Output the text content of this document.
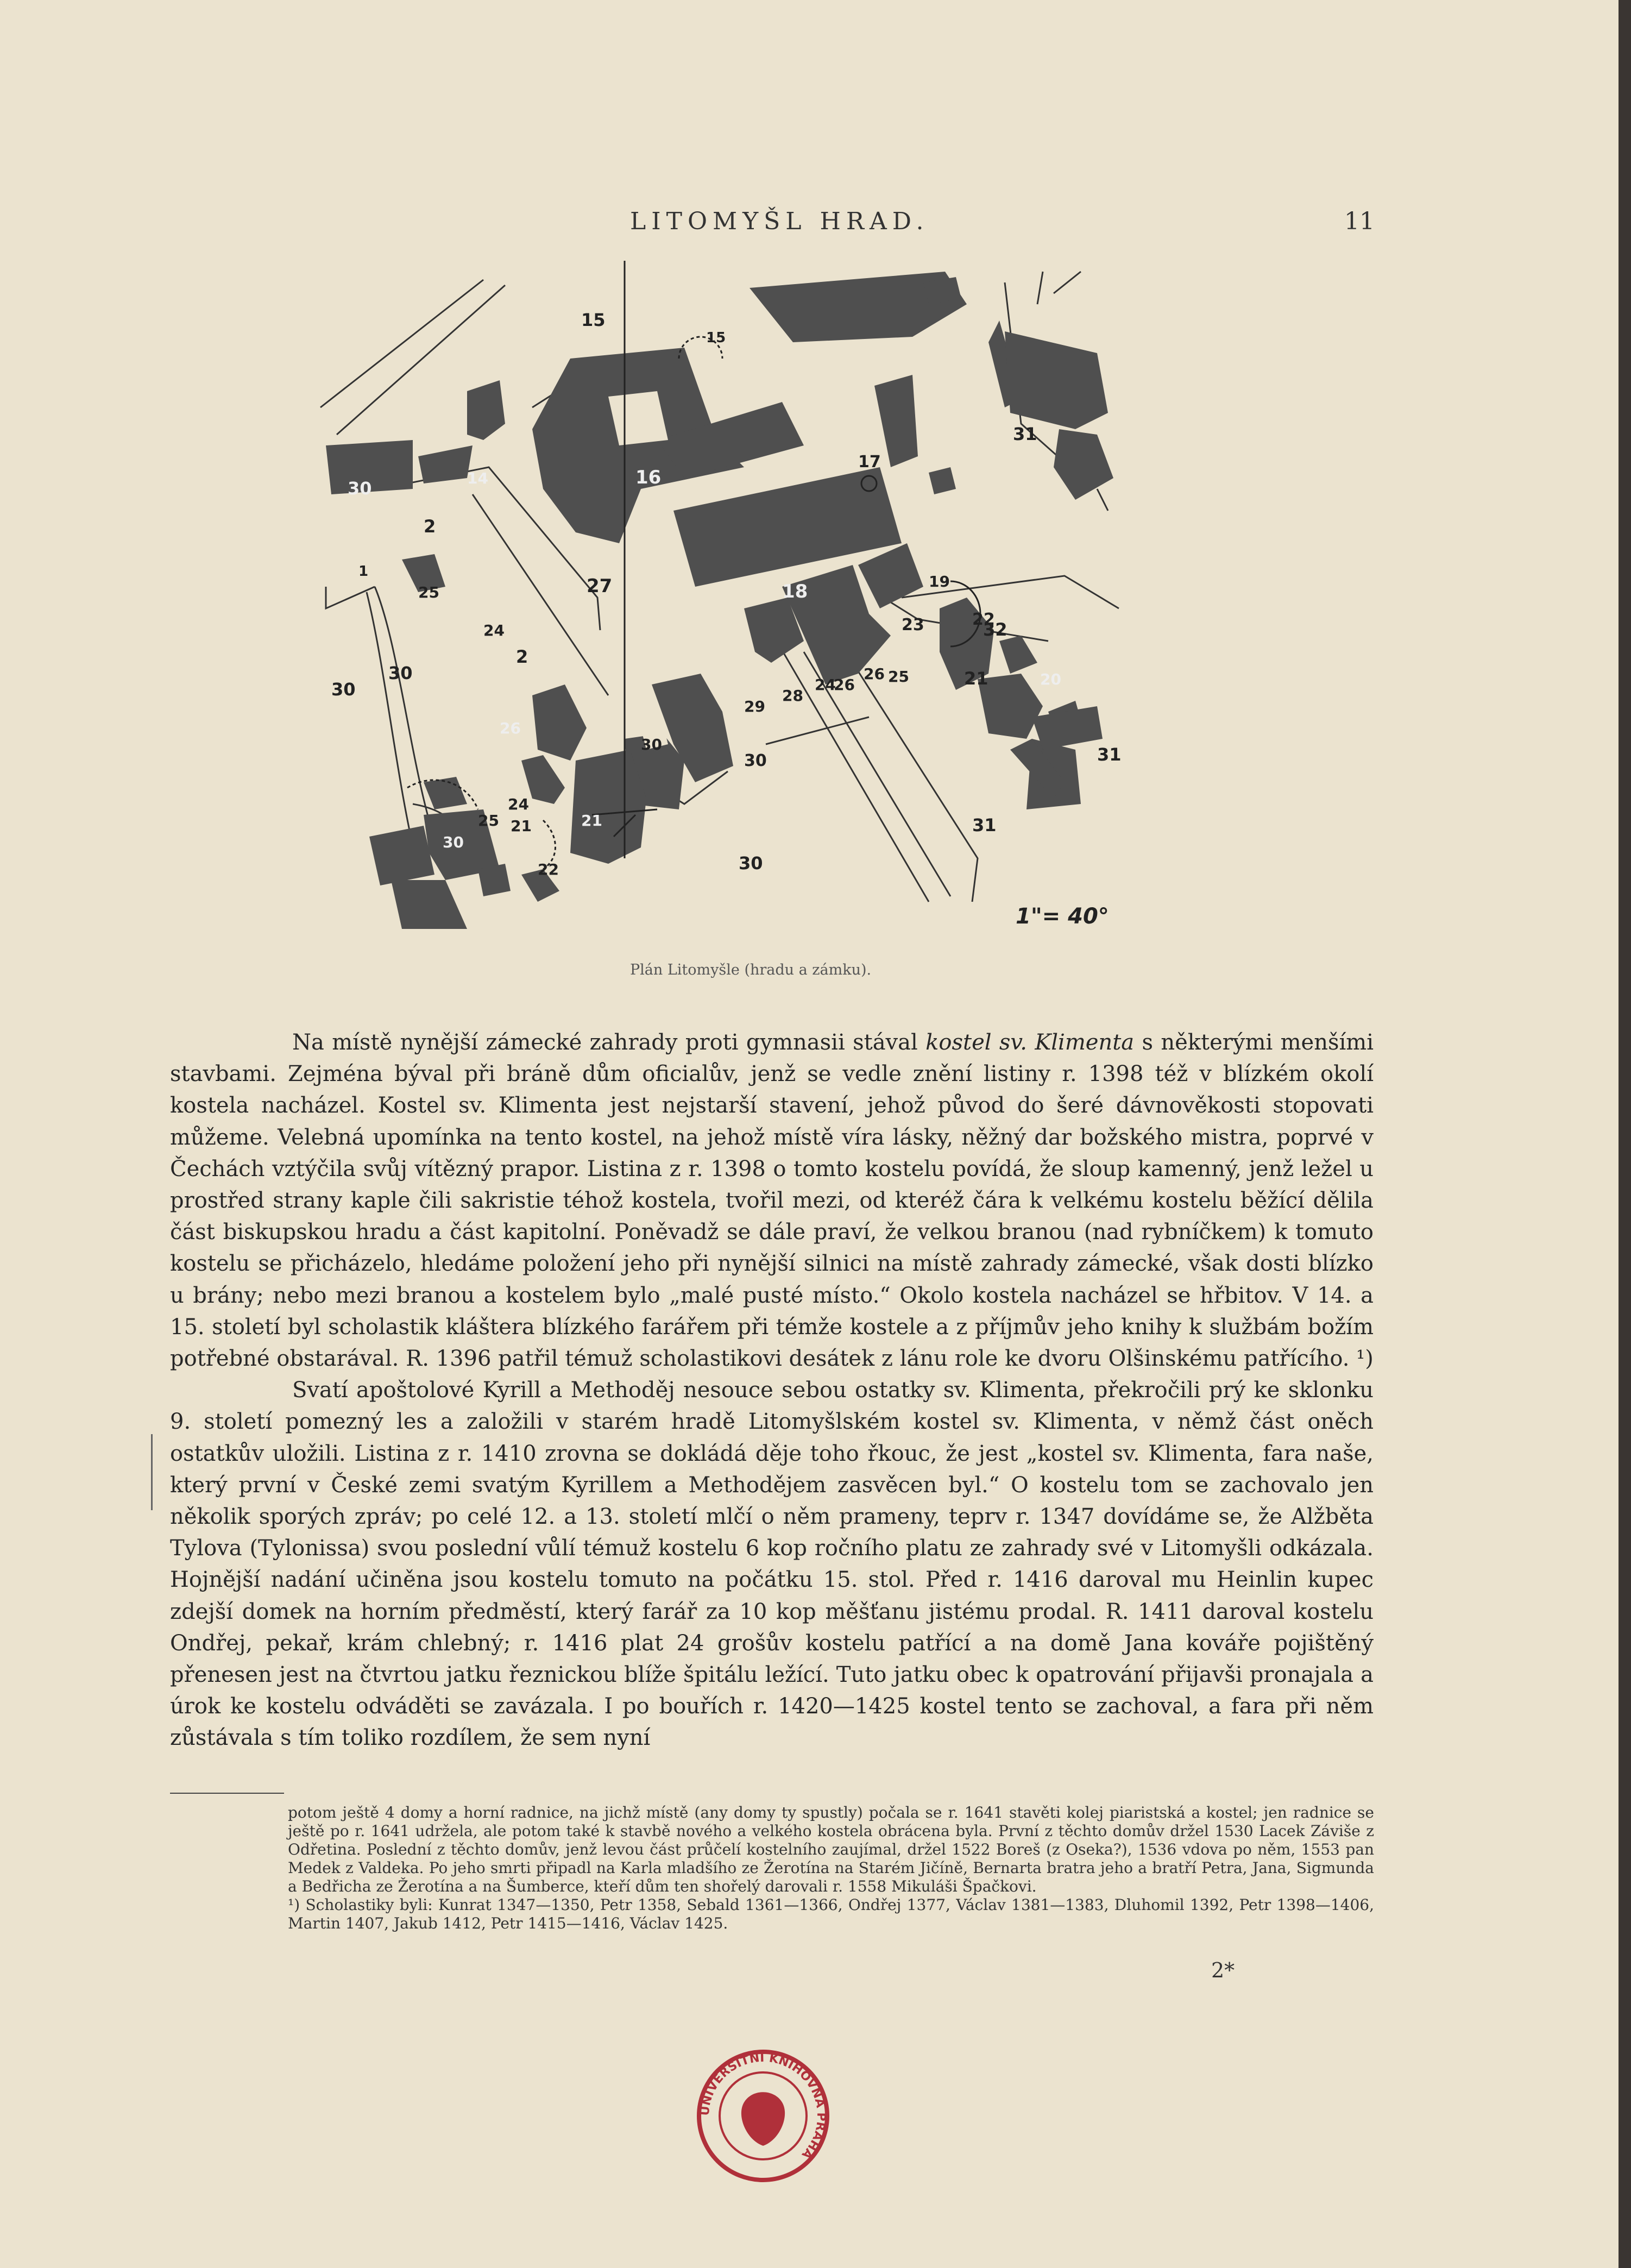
LITOMYŠL HRAD.	11
15
15
30	14
2
1
25
24
27
2
30
30
16
17
18	19
31
32
22
23
26 25	21	20
28
24
26
29
30
30
30
31
31
26
24
21
25	21
22
30
1"= 40°
Plán Litomyšle (hradu a zámku).

Na místě nynější zámecké zahrady proti gymnasii stával kostel sv. Klimenta s některými menšími stavbami. Zejména býval při bráně dům oficialův, jenž se vedle znění listiny r. 1398 též v blízkém okolí kostela nacházel. Kostel sv. Klimenta jest nejstarší stavení, jehož původ do šeré dávnověkosti stopovati můžeme. Velebná upomínka na tento kostel, na jehož místě víra lásky, něžný dar božského mistra, poprvé v Čechách vztýčila svůj vítězný prapor. Listina z r. 1398 o tomto kostelu povídá, že sloup kamenný, jenž ležel u prostřed strany kaple čili sakristie téhož kostela, tvořil mezi, od kteréž čára k velkému kostelu běžící dělila část biskupskou hradu a část kapitolní. Poněvadž se dále praví, že velkou branou (nad rybníčkem) k tomuto kostelu se přicházelo, hledáme položení jeho při nynější silnici na místě zahrady zámecké, však dosti blízko u brány; nebo mezi branou a kostelem bylo „malé pusté místo.“ Okolo kostela nacházel se hřbitov. V 14. a 15. století byl scholastik kláštera blízkého farářem při témže kostele a z příjmův jeho knihy k službám božím potřebné obstarával. R. 1396 patřil témuž scholastikovi desátek z lánu role ke dvoru Olšinskému patřícího. ¹)

Svatí apoštolové Kyrill a Methoděj nesouce sebou ostatky sv. Klimenta, překročili prý ke sklonku 9. století pomezný les a založili v starém hradě Litomyšlském kostel sv. Klimenta, v němž část oněch ostatkův uložili. Listina z r. 1410 zrovna se dokládá děje toho řkouc, že jest „kostel sv. Klimenta, fara naše, který první v České zemi svatým Kyrillem a Methodějem zasvěcen byl.“ O kostelu tom se zachovalo jen několik sporých zpráv; po celé 12. a 13. století mlčí o něm prameny, teprv r. 1347 dovídáme se, že Alžběta Tylova (Tylonissa) svou poslední vůlí témuž kostelu 6 kop ročního platu ze zahrady své v Litomyšli odkázala. Hojnější nadání učiněna jsou kostelu tomuto na počátku 15. stol. Před r. 1416 daroval mu Heinlin kupec zdejší domek na horním předměstí, který farář za 10 kop měšťanu jistému prodal. R. 1411 daroval kostelu Ondřej, pekař, krám chlebný; r. 1416 plat 24 grošův kostelu patřící a na domě Jana kováře pojištěný přenesen jest na čtvrtou jatku řeznickou blíže špitálu ležící. Tuto jatku obec k opatrování přijavši pronajala a úrok ke kostelu odváděti se zavázala. I po bouřích r. 1420—1425 kostel tento se zachoval, a fara při něm zůstávala s tím toliko rozdílem, že sem nyní

potom ještě 4 domy a horní radnice, na jichž místě (any domy ty spustly) počala se r. 1641 stavěti kolej piaristská a kostel; jen radnice se ještě po r. 1641 udržela, ale potom také k stavbě nového a velkého kostela obrácena byla. První z těchto domův držel 1530 Lacek Záviše z Odřetina. Poslední z těchto domův, jenž levou část průčelí kostelního zaujímal, držel 1522 Boreš (z Oseka?), 1536 vdova po něm, 1553 pan Medek z Valdeka. Po jeho smrti připadl na Karla mladšího ze Žerotína na Starém Jičíně, Bernarta bratra jeho a bratří Petra, Jana, Sigmunda a Bedřicha ze Žerotína a na Šumberce, kteří dům ten shořelý darovali r. 1558 Mikuláši Špačkovi.

¹) Scholastiky byli: Kunrat 1347—1350, Petr 1358, Sebald 1361—1366, Ondřej 1377, Václav 1381—1383, Dluhomil 1392, Petr 1398—1406, Martin 1407, Jakub 1412, Petr 1415—1416, Václav 1425.

2*
UNIVERSITNÍ KNIHOVNA PRAHA
